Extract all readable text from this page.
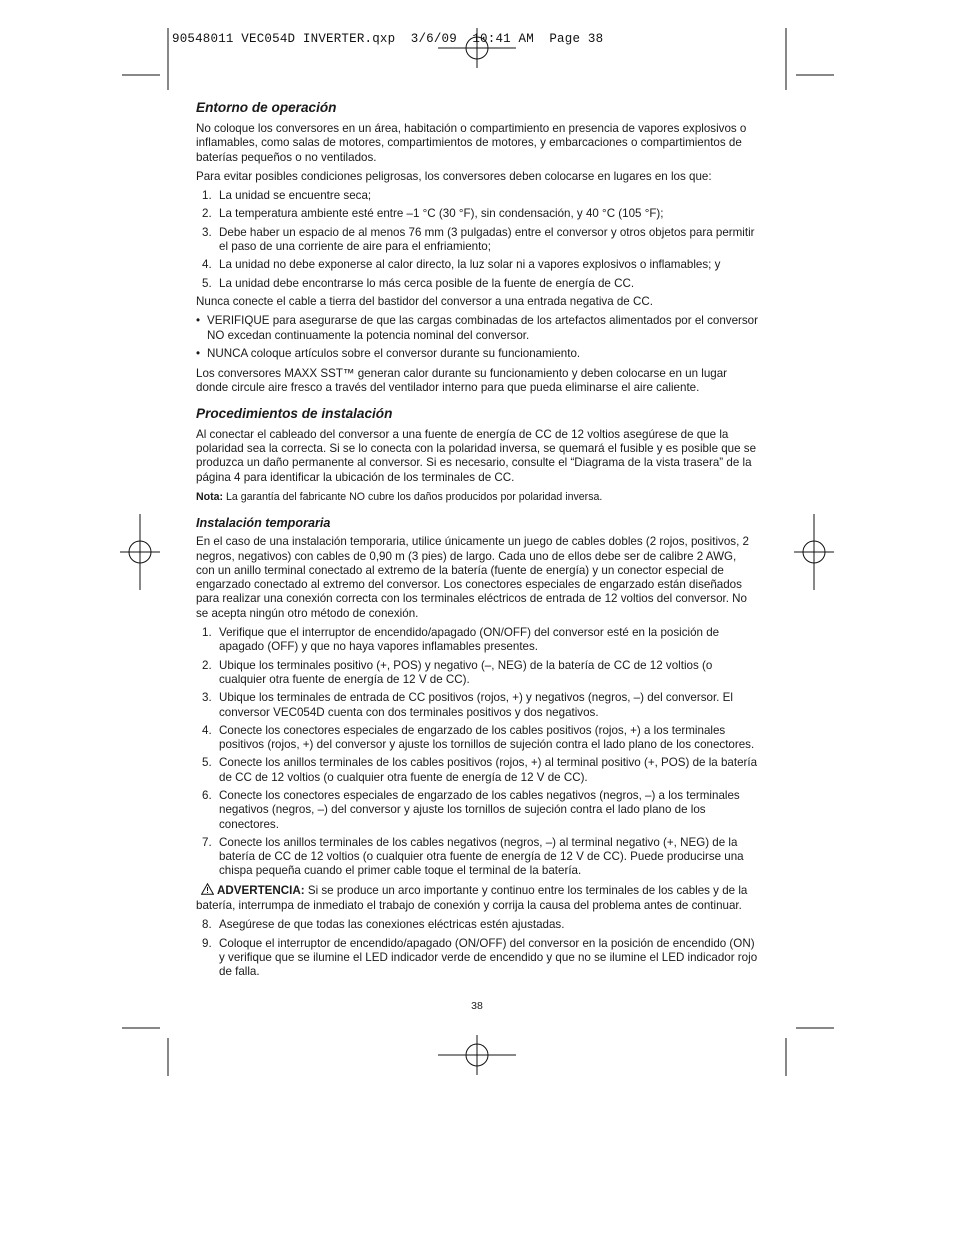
90548011 VEC054D INVERTER.qxp  3/6/09  10:41 AM  Page 38
Entorno de operación

No coloque los conversores en un área, habitación o compartimiento en presencia de vapores explosivos o inflamables, como salas de motores, compartimientos de motores, y embarcaciones o compartimientos de baterías pequeños o no ventilados.

Para evitar posibles condiciones peligrosas, los conversores deben colocarse en lugares en los que:

1. La unidad se encuentre seca;
2. La temperatura ambiente esté entre –1 °C (30 °F), sin condensación, y 40 °C (105 °F);
3. Debe haber un espacio de al menos 76 mm (3 pulgadas) entre el conversor y otros objetos para permitir el paso de una corriente de aire para el enfriamiento;
4. La unidad no debe exponerse al calor directo, la luz solar ni a vapores explosivos o inflamables; y
5. La unidad debe encontrarse lo más cerca posible de la fuente de energía de CC.

Nunca conecte el cable a tierra del bastidor del conversor a una entrada negativa de CC.

• VERIFIQUE para asegurarse de que las cargas combinadas de los artefactos alimentados por el conversor NO excedan continuamente la potencia nominal del conversor.
• NUNCA coloque artículos sobre el conversor durante su funcionamiento.

Los conversores MAXX SST™ generan calor durante su funcionamiento y deben colocarse en un lugar donde circule aire fresco a través del ventilador interno para que pueda eliminarse el aire caliente.

Procedimientos de instalación

Al conectar el cableado del conversor a una fuente de energía de CC de 12 voltios asegúrese de que la polaridad sea la correcta. Si se lo conecta con la polaridad inversa, se quemará el fusible y es posible que se produzca un daño permanente al conversor. Si es necesario, consulte el “Diagrama de la vista trasera” de la página 4 para identificar la ubicación de los terminales de CC.

Nota: La garantía del fabricante NO cubre los daños producidos por polaridad inversa.

Instalación temporaria

En el caso de una instalación temporaria, utilice únicamente un juego de cables dobles (2 rojos, positivos, 2 negros, negativos) con cables de 0,90 m (3 pies) de largo. Cada uno de ellos debe ser de calibre 2 AWG, con un anillo terminal conectado al extremo de la batería (fuente de energía) y un conector especial de engarzado conectado al extremo del conversor. Los conectores especiales de engarzado están diseñados para realizar una conexión correcta con los terminales eléctricos de entrada de 12 voltios del conversor. No se acepta ningún otro método de conexión.

1. Verifique que el interruptor de encendido/apagado (ON/OFF) del conversor esté en la posición de apagado (OFF) y que no haya vapores inflamables presentes.
2. Ubique los terminales positivo (+, POS) y negativo (–, NEG) de la batería de CC de 12 voltios (o cualquier otra fuente de energía de 12 V de CC).
3. Ubique los terminales de entrada de CC positivos (rojos, +) y negativos (negros, –) del conversor. El conversor VEC054D cuenta con dos terminales positivos y dos negativos.
4. Conecte los conectores especiales de engarzado de los cables positivos (rojos, +) a los terminales positivos (rojos, +) del conversor y ajuste los tornillos de sujeción contra el lado plano de los conectores.
5. Conecte los anillos terminales de los cables positivos (rojos, +) al terminal positivo (+, POS) de la batería de CC de 12 voltios (o cualquier otra fuente de energía de 12 V de CC).
6. Conecte los conectores especiales de engarzado de los cables negativos (negros, –) a los terminales negativos (negros, –) del conversor y ajuste los tornillos de sujeción contra el lado plano de los conectores.
7. Conecte los anillos terminales de los cables negativos (negros, –) al terminal negativo (+, NEG) de la batería de CC de 12 voltios (o cualquier otra fuente de energía de 12 V de CC). Puede producirse una chispa pequeña cuando el primer cable toque el terminal de la batería.

ADVERTENCIA: Si se produce un arco importante y continuo entre los terminales de los cables y de la batería, interrumpa de inmediato el trabajo de conexión y corrija la causa del problema antes de continuar.

8. Asegúrese de que todas las conexiones eléctricas estén ajustadas.
9. Coloque el interruptor de encendido/apagado (ON/OFF) del conversor en la posición de encendido (ON) y verifique que se ilumine el LED indicador verde de encendido y que no se ilumine el LED indicador rojo de falla.
38
